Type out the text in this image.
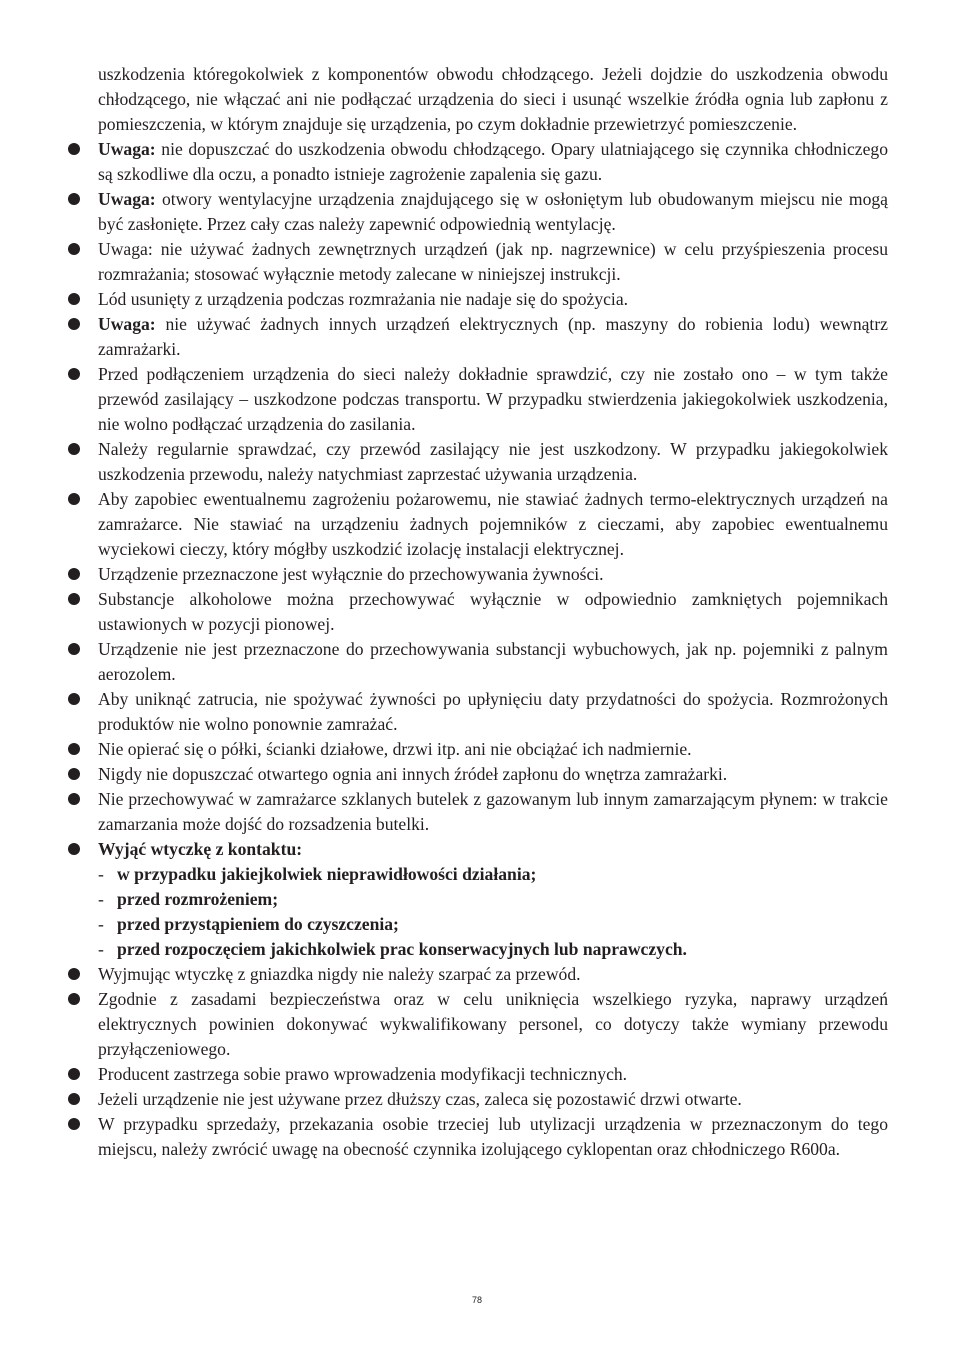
uszkodzenia któregokolwiek z komponentów obwodu chłodzącego. Jeżeli dojdzie do uszkodzenia obwodu chłodzącego, nie włączać ani nie podłączać urządzenia do sieci i usunąć wszelkie źródła ognia lub zapłonu z pomieszczenia, w którym znajduje się urządzenia, po czym dokładnie przewietrzyć pomieszczenie.
Uwaga: nie dopuszczać do uszkodzenia obwodu chłodzącego. Opary ulatniającego się czynnika chłodniczego są szkodliwe dla oczu, a ponadto istnieje zagrożenie zapalenia się gazu.
Uwaga: otwory wentylacyjne urządzenia znajdującego się w osłoniętym lub obudowanym miejscu nie mogą być zasłonięte. Przez cały czas należy zapewnić odpowiednią wentylację.
Uwaga: nie używać żadnych zewnętrznych urządzeń (jak np. nagrzewnice) w celu przyśpieszenia procesu rozmrażania; stosować wyłącznie metody zalecane w niniejszej instrukcji.
Lód usunięty z urządzenia podczas rozmrażania nie nadaje się do spożycia.
Uwaga: nie używać żadnych innych urządzeń elektrycznych (np. maszyny do robienia lodu) wewnątrz zamrażarki.
Przed podłączeniem urządzenia do sieci należy dokładnie sprawdzić, czy nie zostało ono – w tym także przewód zasilający – uszkodzone podczas transportu. W przypadku stwierdzenia jakiegokolwiek uszkodzenia, nie wolno podłączać urządzenia do zasilania.
Należy regularnie sprawdzać, czy przewód zasilający nie jest uszkodzony. W przypadku jakiegokolwiek uszkodzenia przewodu, należy natychmiast zaprzestać używania urządzenia.
Aby zapobiec ewentualnemu zagrożeniu pożarowemu, nie stawiać żadnych termo-elektrycznych urządzeń na zamrażarce. Nie stawiać na urządzeniu żadnych pojemników z cieczami, aby zapobiec ewentualnemu wyciekowi cieczy, który mógłby uszkodzić izolację instalacji elektrycznej.
Urządzenie przeznaczone jest wyłącznie do przechowywania żywności.
Substancje alkoholowe można przechowywać wyłącznie w odpowiednio zamkniętych pojemnikach ustawionych w pozycji pionowej.
Urządzenie nie jest przeznaczone do przechowywania substancji wybuchowych, jak np. pojemniki z palnym aerozolem.
Aby uniknąć zatrucia, nie spożywać żywności po upłynięciu daty przydatności do spożycia. Rozmrożonych produktów nie wolno ponownie zamrażać.
Nie opierać się o półki, ścianki działowe, drzwi itp. ani nie obciążać ich nadmiernie.
Nigdy nie dopuszczać otwartego ognia ani innych źródeł zapłonu do wnętrza zamrażarki.
Nie przechowywać w zamrażarce szklanych butelek z gazowanym lub innym zamarzającym płynem: w trakcie zamarzania może dojść do rozsadzenia butelki.
Wyjąć wtyczkę z kontaktu:
- w przypadku jakiejkolwiek nieprawidłowości działania;
- przed rozmrożeniem;
- przed przystąpieniem do czyszczenia;
- przed rozpoczęciem jakichkolwiek prac konserwacyjnych lub naprawczych.
Wyjmując wtyczkę z gniazdka nigdy nie należy szarpać za przewód.
Zgodnie z zasadami bezpieczeństwa oraz w celu uniknięcia wszelkiego ryzyka, naprawy urządzeń elektrycznych powinien dokonywać wykwalifikowany personel, co dotyczy także wymiany przewodu przyłączeniowego.
Producent zastrzega sobie prawo wprowadzenia modyfikacji technicznych.
Jeżeli urządzenie nie jest używane przez dłuższy czas, zaleca się pozostawić drzwi otwarte.
W przypadku sprzedaży, przekazania osobie trzeciej lub utylizacji urządzenia w przeznaczonym do tego miejscu, należy zwrócić uwagę na obecność czynnika izolującego cyklopentan oraz chłodniczego R600a.
78
